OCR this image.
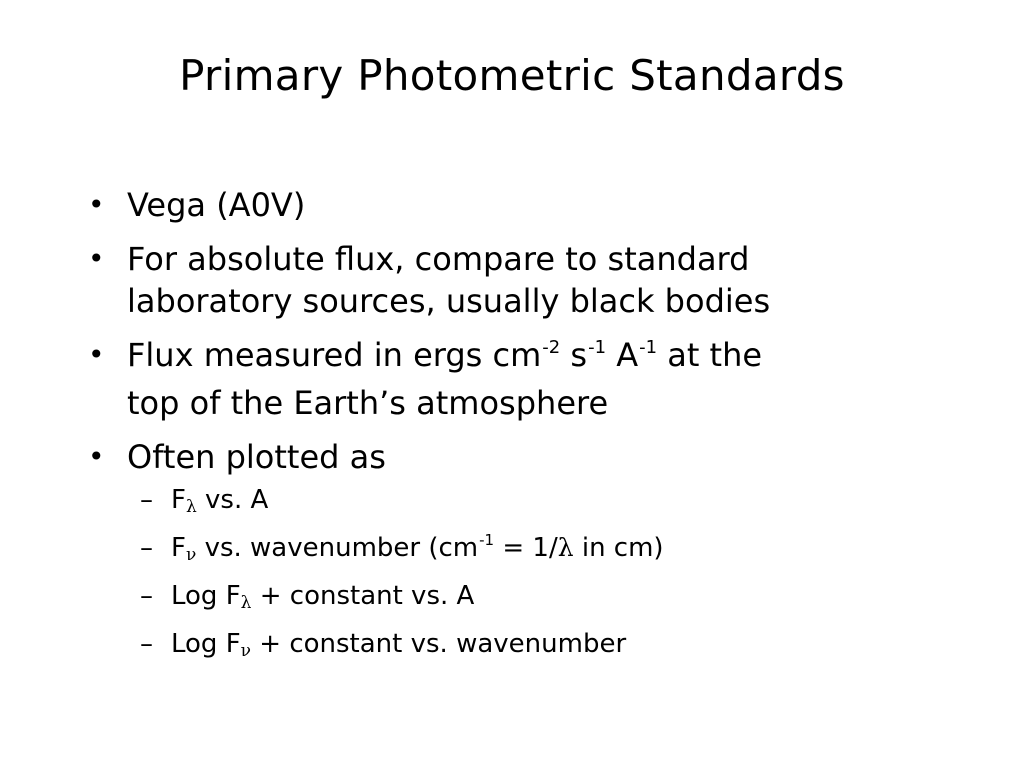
Primary Photometric Standards
• Vega (A0V)
• For absolute flux, compare to standard
laboratory sources, usually black bodies
• Flux measured in ergs $cm^{-2}$ $s^{-1}$ $A^{-1}$ at the
top of the Earth’s atmosphere
• Often plotted as
– Fλ vs. A
– Fν vs. wavenumber ($cm^{-1} = 1/\lambda$ in cm)
– Log Fλ + constant vs. A
– Log Fν + constant vs. wavenumber
